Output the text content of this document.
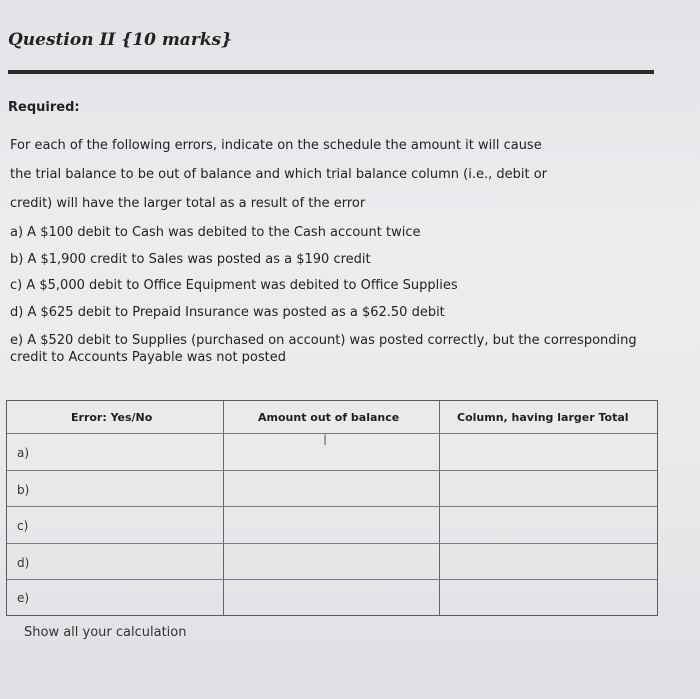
Question II {10 marks}
Required:
For each of the following errors, indicate on the schedule the amount it will cause
the trial balance to be out of balance and which trial balance column (i.e., debit or
credit) will have the larger total as a result of the error
a) A $100 debit to Cash was debited to the Cash account twice
b) A $1,900 credit to Sales was posted as a $190 credit
c) A $5,000 debit to Office Equipment was debited to Office Supplies
d) A $625 debit to Prepaid Insurance was posted as a $62.50 debit
e) A $520 debit to Supplies (purchased on account) was posted correctly, but the corresponding credit to Accounts Payable was not posted
Error: Yes/No	Amount out of balance	Column, having larger Total
I
a)
b)
c)
d)
e)
Show all your calculation
